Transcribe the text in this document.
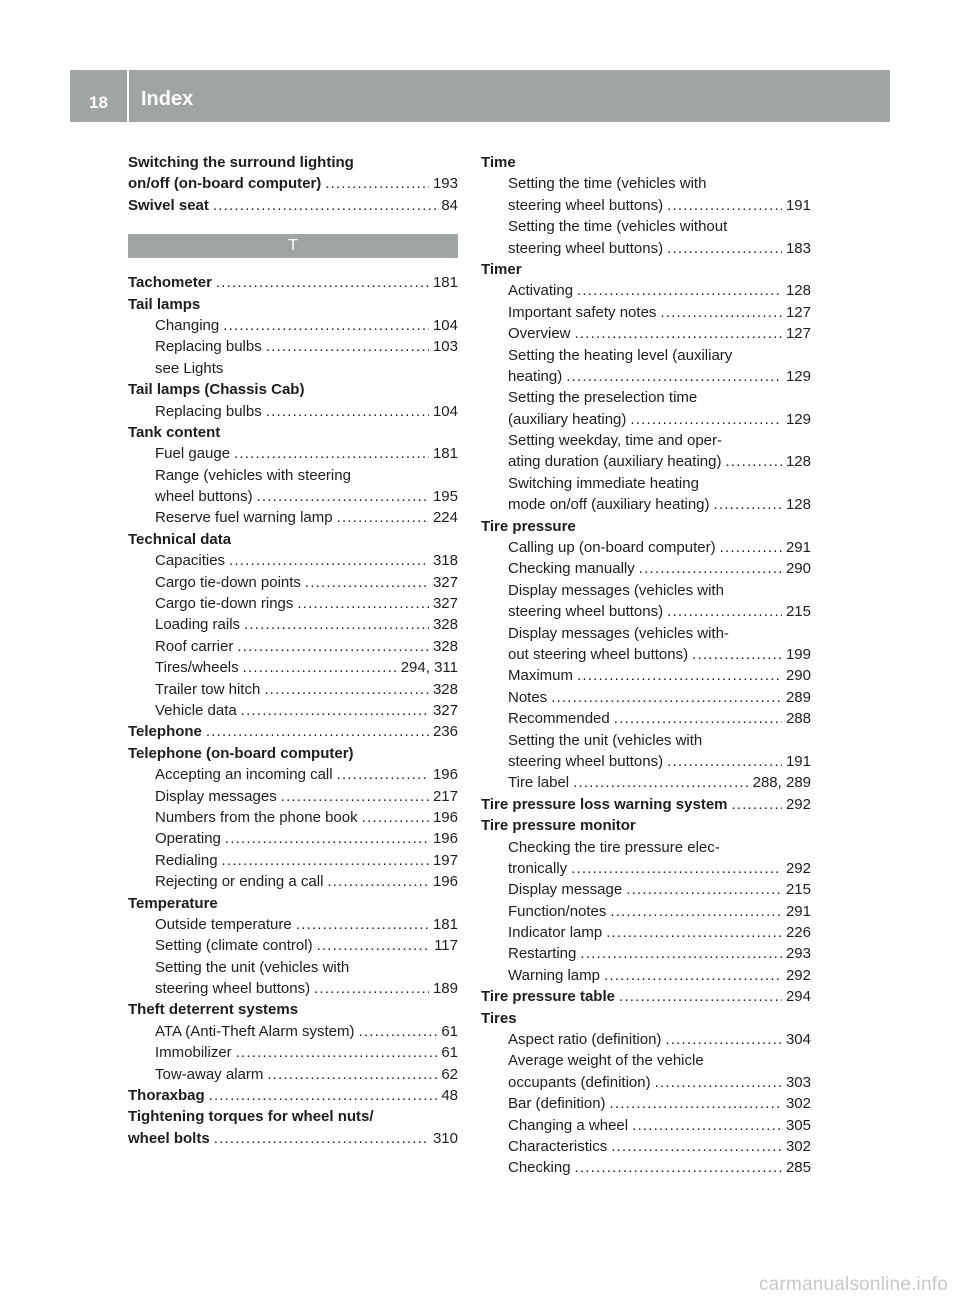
18	Index
Switching the surround lighting
on/off (on-board computer) .....	193
Swivel seat .....	84
T
Tachometer .....	181
Tail lamps
Changing .....	104
Replacing bulbs .....	103
see Lights
Tail lamps (Chassis Cab)
Replacing bulbs .....	104
Tank content
Fuel gauge .....	181
Range (vehicles with steering
wheel buttons) .....	195
Reserve fuel warning lamp .....	224
Technical data
Capacities .....	318
Cargo tie-down points .....	327
Cargo tie-down rings .....	327
Loading rails .....	328
Roof carrier .....	328
Tires/wheels .....	294, 311
Trailer tow hitch .....	328
Vehicle data .....	327
Telephone .....	236
Telephone (on-board computer)
Accepting an incoming call .....	196
Display messages .....	217
Numbers from the phone book .....	196
Operating .....	196
Redialing .....	197
Rejecting or ending a call .....	196
Temperature
Outside temperature .....	181
Setting (climate control) .....	117
Setting the unit (vehicles with
steering wheel buttons) .....	189
Theft deterrent systems
ATA (Anti-Theft Alarm system) .....	61
Immobilizer .....	61
Tow-away alarm .....	62
Thoraxbag .....	48
Tightening torques for wheel nuts/
wheel bolts .....	310
Time
Setting the time (vehicles with
steering wheel buttons) .....	191
Setting the time (vehicles without
steering wheel buttons) .....	183
Timer
Activating .....	128
Important safety notes .....	127
Overview .....	127
Setting the heating level (auxiliary
heating) .....	129
Setting the preselection time
(auxiliary heating) .....	129
Setting weekday, time and oper-
ating duration (auxiliary heating) .....	128
Switching immediate heating
mode on/off (auxiliary heating) .....	128
Tire pressure
Calling up (on-board computer) .....	291
Checking manually .....	290
Display messages (vehicles with
steering wheel buttons) .....	215
Display messages (vehicles with-
out steering wheel buttons) .....	199
Maximum .....	290
Notes .....	289
Recommended .....	288
Setting the unit (vehicles with
steering wheel buttons) .....	191
Tire label .....	288, 289
Tire pressure loss warning system .....	292
Tire pressure monitor
Checking the tire pressure elec-
tronically .....	292
Display message .....	215
Function/notes .....	291
Indicator lamp .....	226
Restarting .....	293
Warning lamp .....	292
Tire pressure table .....	294
Tires
Aspect ratio (definition) .....	304
Average weight of the vehicle
occupants (definition) .....	303
Bar (definition) .....	302
Changing a wheel .....	305
Characteristics .....	302
Checking .....	285
carmanualsonline.info
